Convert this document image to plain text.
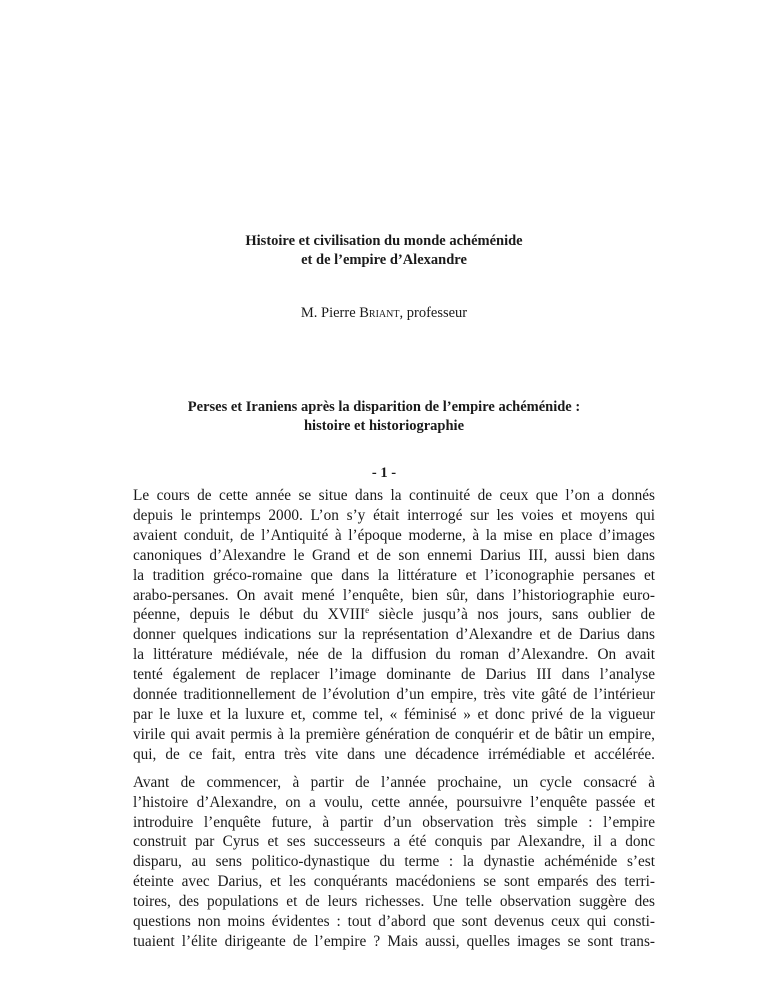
Histoire et civilisation du monde achéménide
et de l’empire d’Alexandre
M. Pierre Briant, professeur
Perses et Iraniens après la disparition de l’empire achéménide :
histoire et historiographie
- 1 -

Le cours de cette année se situe dans la continuité de ceux que l’on a donnés
depuis le printemps 2000. L’on s’y était interrogé sur les voies et moyens qui
avaient conduit, de l’Antiquité à l’époque moderne, à la mise en place d’images
canoniques d’Alexandre le Grand et de son ennemi Darius III, aussi bien dans
la tradition gréco-romaine que dans la littérature et l’iconographie persanes et
arabo-persanes. On avait mené l’enquête, bien sûr, dans l’historiographie euro-
péenne, depuis le début du XVIIIe siècle jusqu’à nos jours, sans oublier de
donner quelques indications sur la représentation d’Alexandre et de Darius dans
la littérature médiévale, née de la diffusion du roman d’Alexandre. On avait
tenté également de replacer l’image dominante de Darius III dans l’analyse
donnée traditionnellement de l’évolution d’un empire, très vite gâté de l’intérieur
par le luxe et la luxure et, comme tel, « féminisé » et donc privé de la vigueur
virile qui avait permis à la première génération de conquérir et de bâtir un empire,
qui, de ce fait, entra très vite dans une décadence irrémédiable et accélérée.

Avant de commencer, à partir de l’année prochaine, un cycle consacré à
l’histoire d’Alexandre, on a voulu, cette année, poursuivre l’enquête passée et
introduire l’enquête future, à partir d’un observation très simple : l’empire
construit par Cyrus et ses successeurs a été conquis par Alexandre, il a donc
disparu, au sens politico-dynastique du terme : la dynastie achéménide s’est
éteinte avec Darius, et les conquérants macédoniens se sont emparés des terri-
toires, des populations et de leurs richesses. Une telle observation suggère des
questions non moins évidentes : tout d’abord que sont devenus ceux qui consti-
tuaient l’élite dirigeante de l’empire ? Mais aussi, quelles images se sont trans-
